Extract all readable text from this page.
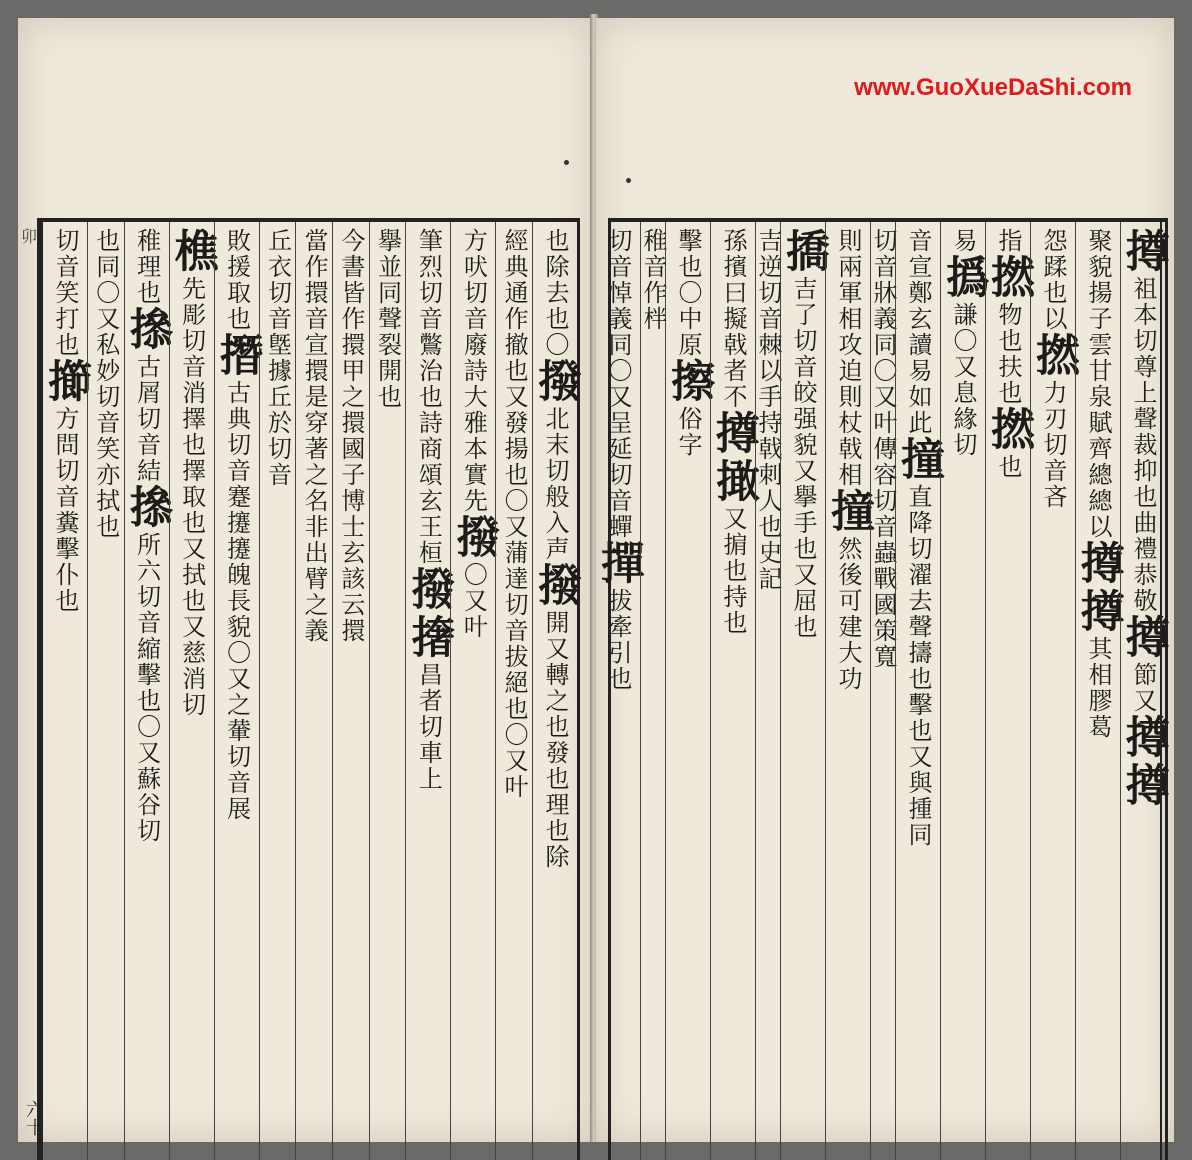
卯
六十
也除去也〇撥北末切般入声撥開又轉之也發也理也除
經典通作撤也又發揚也〇又蒲達切音拔絕也〇又叶
方吠切音廢詩大雅本實先撥〇又叶
筆烈切音鷩治也詩商頌玄王桓撥撦昌者切車上
擧並同聲裂開也
今書皆作擐甲之擐國子博士玄該云擐
當作擐音宣擐是穿著之名非出臂之義
丘衣切音墍據丘於切音
敗援取也撍古典切音蹇攓攓魄長貌〇又之輂切音展
樵先彫切音消擇也擇取也又拭也又慈消切
稚理也撡古屑切音結撡所六切音縮擊也〇又蘇谷切
也同〇又私妙切音笑亦拭也
切音笑打也擳方問切音糞擊仆也
www.GuoXueDaShi.com
撙祖本切尊上聲裁抑也曲禮恭敬撙節又撙撙
聚貌揚子雲甘泉賦齊總總以撙撙其相膠葛
怨蹂也以撚力刃切音吝
指撚物也扶也撚也
易撝謙〇又息緣切
音宣鄭玄讀易如此撞直降切濯去聲擣也擊也又與揰同
切音牀義同〇又叶傳容切音蟲戰國策寬
則兩軍相攻迫則杖戟相撞然後可建大功
撟吉了切音皎强貌又擧手也又屈也
吉逆切音棘以手持戟刺人也史記
孫擯曰擬戟者不撙撖又掮也持也
擊也〇中原擦俗字
稚音作柈
切音悼義同〇又呈延切音蟬撣拔牽引也
